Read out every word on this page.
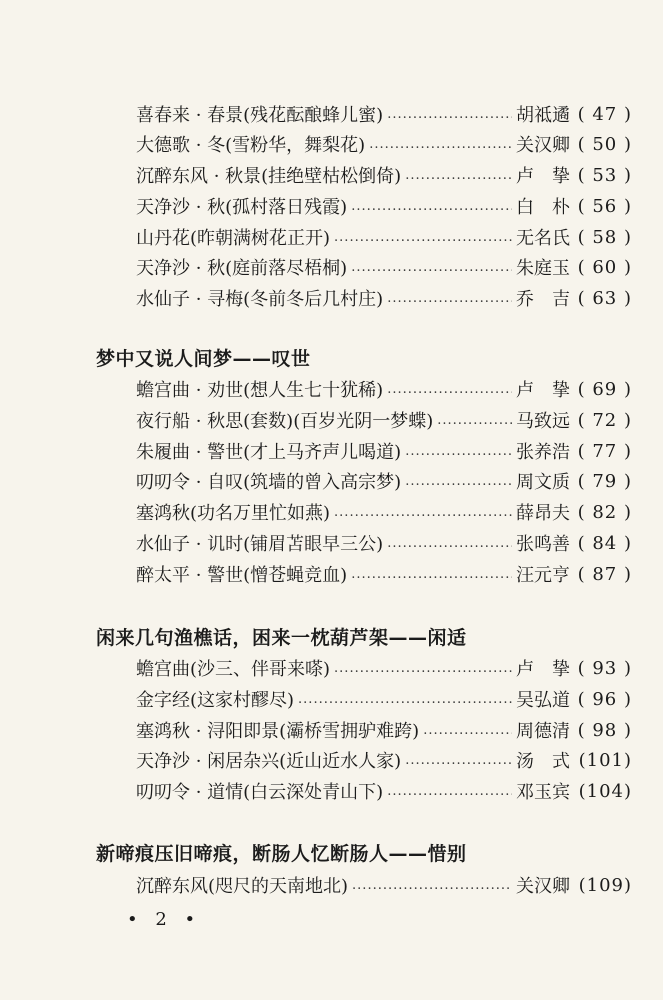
喜春来 · 春景(残花酝酿蜂儿蜜) .....	胡祗遹 ( 47 )
大德歌 · 冬(雪粉华，舞梨花) .....	关汉卿 ( 50 )
沉醉东风 · 秋景(挂绝壁枯松倒倚) .....	卢　挚 ( 53 )
天净沙 · 秋(孤村落日残霞) .....	白　朴 ( 56 )
山丹花(昨朝满树花正开) .....	无名氏 ( 58 )
天净沙 · 秋(庭前落尽梧桐) .....	朱庭玉 ( 60 )
水仙子 · 寻梅(冬前冬后几村庄) .....	乔　吉 ( 63 )
梦中又说人间梦——叹世
蟾宫曲 · 劝世(想人生七十犹稀) .....	卢　挚 ( 69 )
夜行船 · 秋思(套数)(百岁光阴一梦蝶) .....	马致远 ( 72 )
朱履曲 · 警世(才上马齐声儿喝道) .....	张养浩 ( 77 )
叨叨令 · 自叹(筑墙的曾入高宗梦) .....	周文质 ( 79 )
塞鸿秋(功名万里忙如燕) .....	薛昂夫 ( 82 )
水仙子 · 讥时(铺眉苫眼早三公) .....	张鸣善 ( 84 )
醉太平 · 警世(憎苍蝇竞血) .....	汪元亨 ( 87 )
闲来几句渔樵话，困来一枕葫芦架——闲适
蟾宫曲(沙三、伴哥来嗏) .....	卢　挚 ( 93 )
金字经(这家村醪尽) .....	吴弘道 ( 96 )
塞鸿秋 · 浔阳即景(灞桥雪拥驴难跨) .....	周德清 ( 98 )
天净沙 · 闲居杂兴(近山近水人家) .....	汤　式 (101)
叨叨令 · 道情(白云深处青山下) .....	邓玉宾 (104)
新啼痕压旧啼痕，断肠人忆断肠人——惜别
沉醉东风(咫尺的天南地北) .....	关汉卿 (109)
• 2 •
